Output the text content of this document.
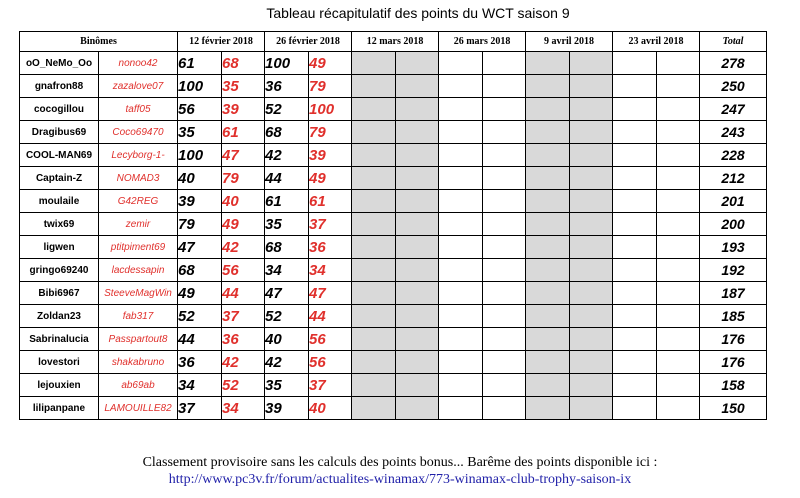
Tableau récapitulatif des points du WCT saison 9
Binômes		12 février 2018		26 février 2018		12 mars 2018		26 mars 2018		9 avril 2018		23 avril 2018		Total
oO_NeMo_Oo	nonoo42	61	68	100	49									278
gnafron88	zazalove07	100	35	36	79									250
cocogillou	taff05	56	39	52	100									247
Dragibus69	Coco69470	35	61	68	79									243
COOL-MAN69	Lecyborg-1-	100	47	42	39									228
Captain-Z	NOMAD3	40	79	44	49									212
moulaile	G42REG	39	40	61	61									201
twix69	zemir	79	49	35	37									200
ligwen	ptitpiment69	47	42	68	36									193
gringo69240	lacdessapin	68	56	34	34									192
Bibi6967	SteeveMagWin	49	44	47	47									187
Zoldan23	fab317	52	37	52	44									185
Sabrinalucia	Passpartout8	44	36	40	56									176
lovestori	shakabruno	36	42	42	56									176
lejouxien	ab69ab	34	52	35	37									158
lilipanpane	LAMOUILLE82	37	34	39	40									150
Classement provisoire sans les calculs des points bonus... Barême des points disponible ici :
http://www.pc3v.fr/forum/actualites-winamax/773-winamax-club-trophy-saison-ix
